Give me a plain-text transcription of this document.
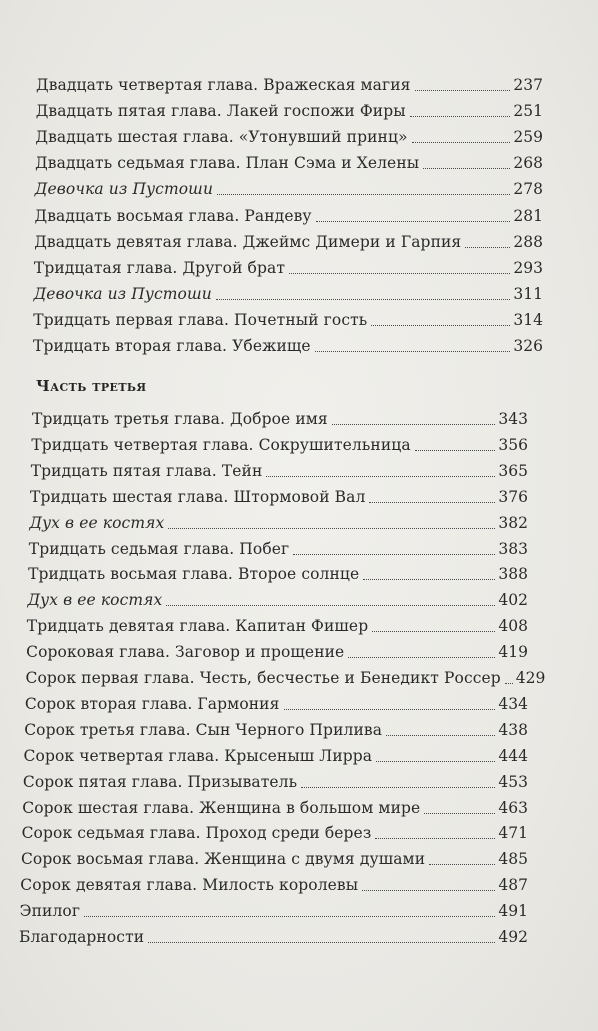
Часть третья
Двадцать четвертая глава. Вражеская магия	237
Двадцать пятая глава. Лакей госпожи Фиры	251
Двадцать шестая глава. «Утонувший принц»	259
Двадцать седьмая глава. План Сэма и Хелены	268
Девочка из Пустоши	278
Двадцать восьмая глава. Рандеву	281
Двадцать девятая глава. Джеймс Димери и Гарпия	288
Тридцатая глава. Другой брат	293
Девочка из Пустоши	311
Тридцать первая глава. Почетный гость	314
Тридцать вторая глава. Убежище	326
Тридцать третья глава. Доброе имя	343
Тридцать четвертая глава. Сокрушительница	356
Тридцать пятая глава. Тейн	365
Тридцать шестая глава. Штормовой Вал	376
Дух в ее костях	382
Тридцать седьмая глава. Побег	383
Тридцать восьмая глава. Второе солнце	388
Дух в ее костях	402
Тридцать девятая глава. Капитан Фишер	408
Сороковая глава. Заговор и прощение	419
Сорок первая глава. Честь, бесчестье и Бенедикт Россер 429
Сорок вторая глава. Гармония	434
Сорок третья глава. Сын Черного Прилива	438
Сорок четвертая глава. Крысеныш Лирра	444
Сорок пятая глава. Призыватель	453
Сорок шестая глава. Женщина в большом мире	463
Сорок седьмая глава. Проход среди берез	471
Сорок восьмая глава. Женщина с двумя душами	485
Сорок девятая глава. Милость королевы	487
Эпилог	491
Благодарности	492
